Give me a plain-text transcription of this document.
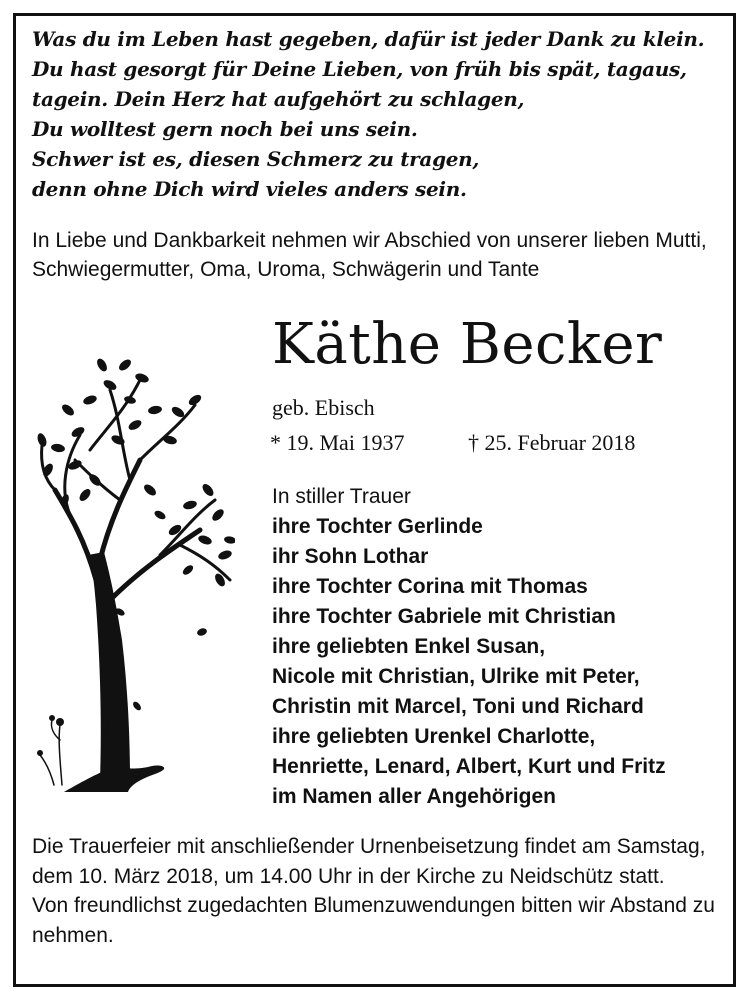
Was du im Leben hast gegeben, dafür ist jeder Dank zu klein.
Du hast gesorgt für Deine Lieben, von früh bis spät, tagaus,
tagein. Dein Herz hat aufgehört zu schlagen,
Du wolltest gern noch bei uns sein.
Schwer ist es, diesen Schmerz zu tragen,
denn ohne Dich wird vieles anders sein.
In Liebe und Dankbarkeit nehmen wir Abschied von unserer lieben Mutti, Schwiegermutter, Oma, Uroma, Schwägerin und Tante
Käthe Becker
geb. Ebisch
* 19. Mai 1937	† 25. Februar 2018
In stiller Trauer
ihre Tochter Gerlinde
ihr Sohn Lothar
ihre Tochter Corina mit Thomas
ihre Tochter Gabriele mit Christian
ihre geliebten Enkel Susan,
Nicole mit Christian, Ulrike mit Peter,
Christin mit Marcel, Toni und Richard
ihre geliebten Urenkel Charlotte,
Henriette, Lenard, Albert, Kurt und Fritz
im Namen aller Angehörigen
Die Trauerfeier mit anschließender Urnenbeisetzung findet am Samstag, dem 10. März 2018, um 14.00 Uhr in der Kirche zu Neidschütz statt.
Von freundlichst zugedachten Blumenzuwendungen bitten wir Abstand zu nehmen.
